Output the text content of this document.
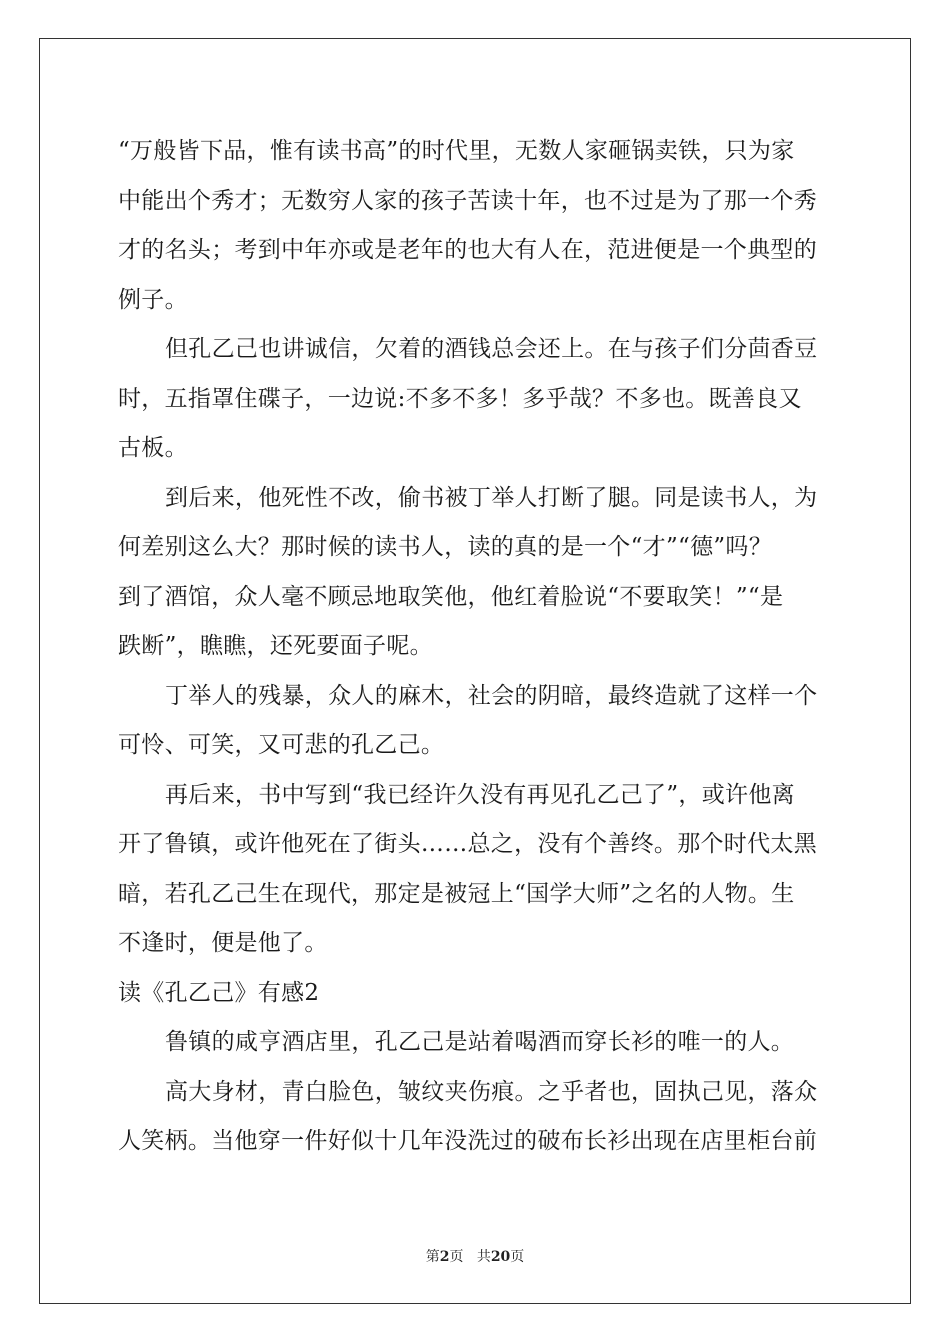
“万般皆下品，惟有读书高”的时代里，无数人家砸锅卖铁，只为家
中能出个秀才；无数穷人家的孩子苦读十年，也不过是为了那一个秀
才的名头；考到中年亦或是老年的也大有人在，范进便是一个典型的
例子。
但孔乙己也讲诚信，欠着的酒钱总会还上。在与孩子们分茴香豆
时，五指罩住碟子，一边说:不多不多！多乎哉？不多也。既善良又
古板。
到后来，他死性不改，偷书被丁举人打断了腿。同是读书人，为
何差别这么大？那时候的读书人，读的真的是一个“才”“德”吗？
到了酒馆，众人毫不顾忌地取笑他，他红着脸说“不要取笑！”“是
跌断”，瞧瞧，还死要面子呢。
丁举人的残暴，众人的麻木，社会的阴暗，最终造就了这样一个
可怜、可笑，又可悲的孔乙己。
再后来，书中写到“我已经许久没有再见孔乙己了”，或许他离
开了鲁镇，或许他死在了街头……总之，没有个善终。那个时代太黑
暗，若孔乙己生在现代，那定是被冠上“国学大师”之名的人物。生
不逢时，便是他了。
读《孔乙己》有感2
鲁镇的咸亨酒店里，孔乙己是站着喝酒而穿长衫的唯一的人。
高大身材，青白脸色，皱纹夹伤痕。之乎者也，固执己见，落众
人笑柄。当他穿一件好似十几年没洗过的破布长衫出现在店里柜台前
第2页 共20页
